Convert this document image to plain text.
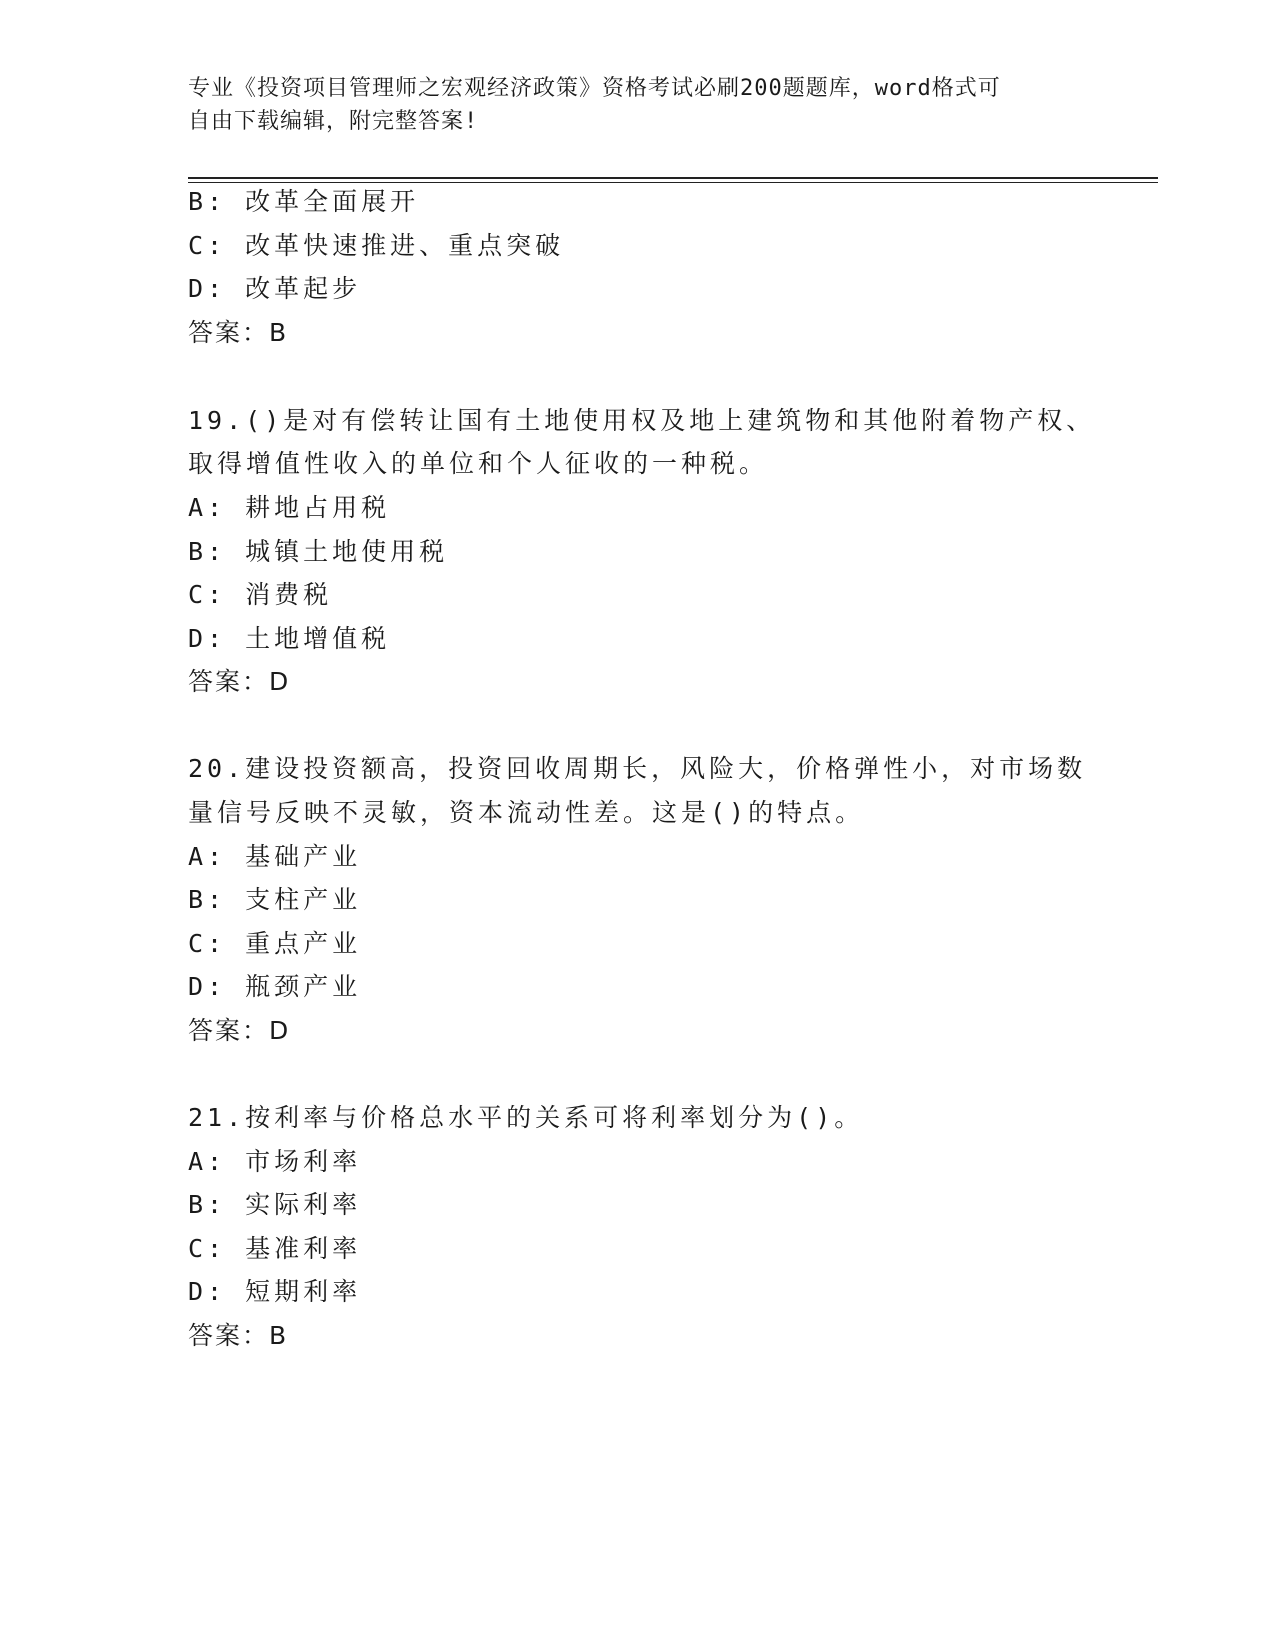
专业《投资项目管理师之宏观经济政策》资格考试必刷200题题库，word格式可
自由下载编辑，附完整答案!
B: 改革全面展开
C: 改革快速推进、重点突破
D: 改革起步
答案：B
19.()是对有偿转让国有土地使用权及地上建筑物和其他附着物产权、
取得增值性收入的单位和个人征收的一种税。
A: 耕地占用税
B: 城镇土地使用税
C: 消费税
D: 土地增值税
答案：D
20.建设投资额高，投资回收周期长，风险大，价格弹性小，对市场数
量信号反映不灵敏，资本流动性差。这是()的特点。
A: 基础产业
B: 支柱产业
C: 重点产业
D: 瓶颈产业
答案：D
21.按利率与价格总水平的关系可将利率划分为()。
A: 市场利率
B: 实际利率
C: 基准利率
D: 短期利率
答案：B
